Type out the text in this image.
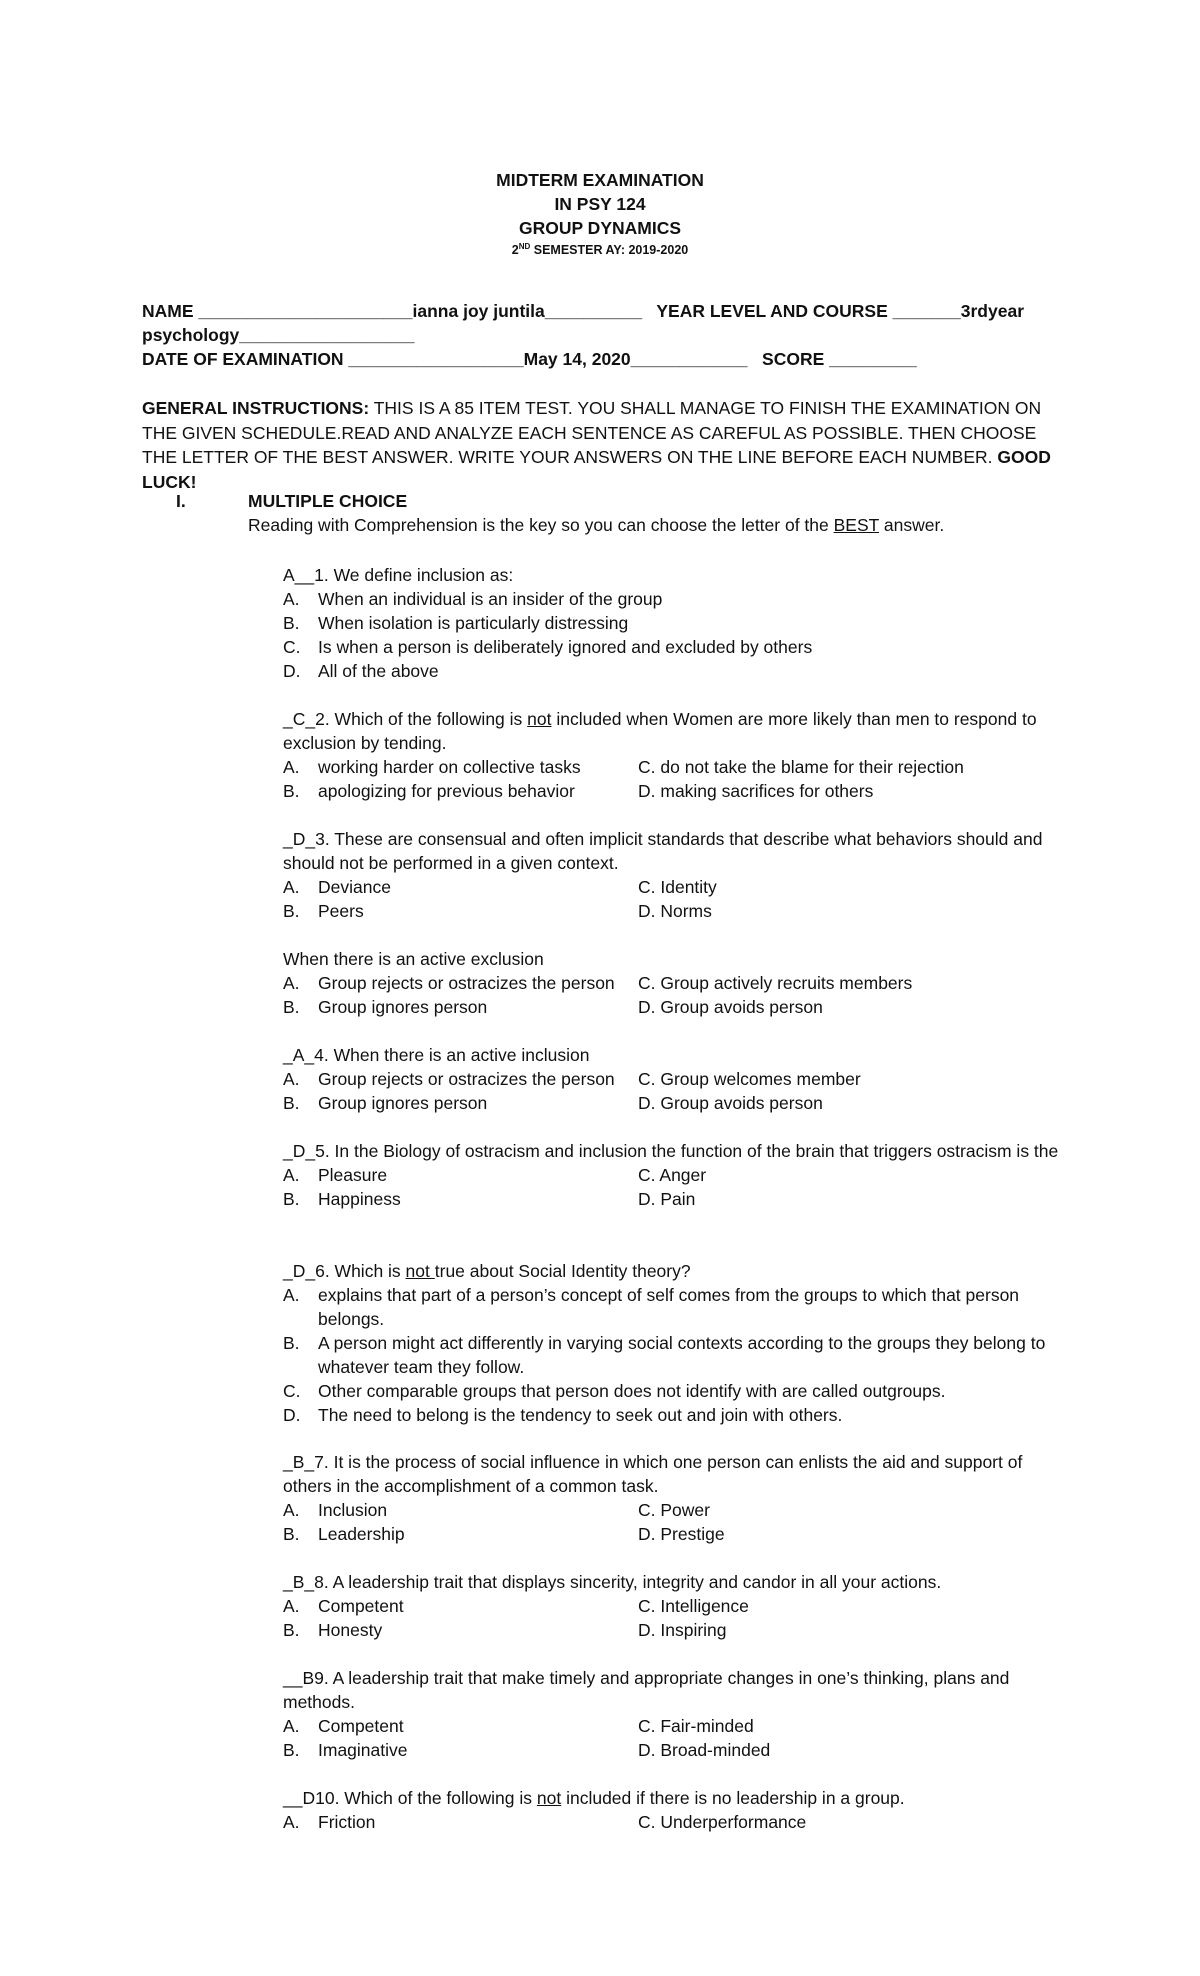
MIDTERM EXAMINATION
IN PSY 124
GROUP DYNAMICS
2ND SEMESTER AY: 2019-2020
NAME ______________________ianna joy juntila__________   YEAR LEVEL AND COURSE _______3rdyear
psychology__________________
DATE OF EXAMINATION __________________May 14, 2020____________   SCORE _________
GENERAL INSTRUCTIONS: THIS IS A 85 ITEM TEST. YOU SHALL MANAGE TO FINISH THE EXAMINATION ON THE GIVEN SCHEDULE.READ AND ANALYZE EACH SENTENCE AS CAREFUL AS POSSIBLE. THEN CHOOSE THE LETTER OF THE BEST ANSWER. WRITE YOUR ANSWERS ON THE LINE BEFORE EACH NUMBER. GOOD LUCK!
I.	MULTIPLE CHOICE
Reading with Comprehension is the key so you can choose the letter of the BEST answer.
A__1. We define inclusion as:
A. When an individual is an insider of the group
B. When isolation is particularly distressing
C. Is when a person is deliberately ignored and excluded by others
D. All of the above
_C_2. Which of the following is not included when Women are more likely than men to respond to exclusion by tending.
A. working harder on collective tasks	C. do not take the blame for their rejection
B. apologizing for previous behavior	D. making sacrifices for others
_D_3. These are consensual and often implicit standards that describe what behaviors should and should not be performed in a given context.
A. Deviance	C. Identity
B. Peers	D. Norms
When there is an active exclusion
A. Group rejects or ostracizes the person C. Group actively recruits members
B. Group ignores person	D. Group avoids person
_A_4. When there is an active inclusion
A. Group rejects or ostracizes the person C. Group welcomes member
B. Group ignores person	D. Group avoids person
_D_5. In the Biology of ostracism and inclusion the function of the brain that triggers ostracism is the
A. Pleasure	C. Anger
B. Happiness	D. Pain
_D_6. Which is not true about Social Identity theory?
A. explains that part of a person’s concept of self comes from the groups to which that person belongs.
B. A person might act differently in varying social contexts according to the groups they belong to whatever team they follow.
C. Other comparable groups that person does not identify with are called outgroups.
D. The need to belong is the tendency to seek out and join with others.
_B_7. It is the process of social influence in which one person can enlists the aid and support of others in the accomplishment of a common task.
A. Inclusion	C. Power
B. Leadership	D. Prestige
_B_8. A leadership trait that displays sincerity, integrity and candor in all your actions.
A. Competent	C. Intelligence
B. Honesty	D. Inspiring
__B9. A leadership trait that make timely and appropriate changes in one’s thinking, plans and methods.
A. Competent	C. Fair-minded
B. Imaginative	D. Broad-minded
__D10. Which of the following is not included if there is no leadership in a group.
A. Friction	C. Underperformance
